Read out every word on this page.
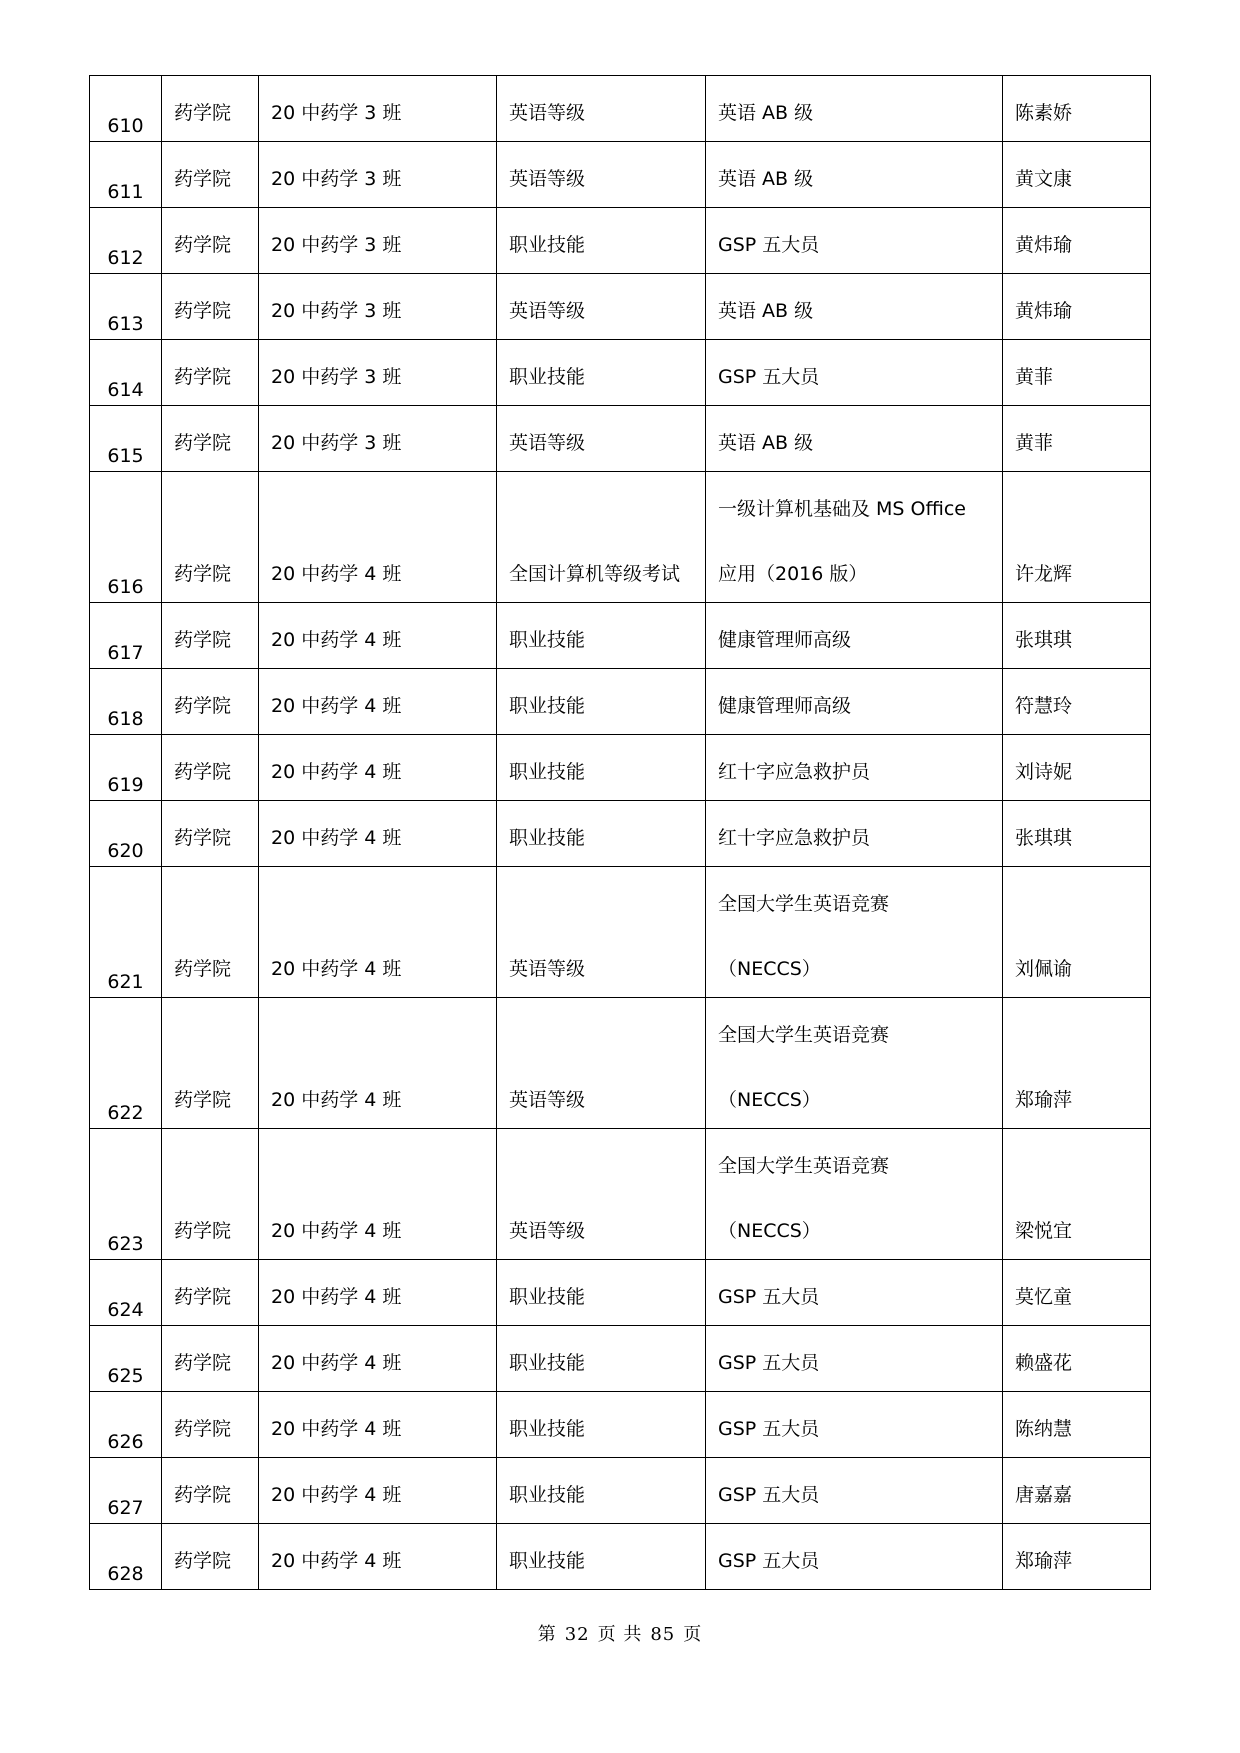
610	药学院	20 中药学 3 班	英语等级	英语 AB 级	陈素娇

611	药学院	20 中药学 3 班	英语等级	英语 AB 级	黄文康

612	药学院	20 中药学 3 班	职业技能	GSP 五大员	黄炜瑜

613	药学院	20 中药学 3 班	英语等级	英语 AB 级	黄炜瑜

614	药学院	20 中药学 3 班	职业技能	GSP 五大员	黄菲

615	药学院	20 中药学 3 班	英语等级	英语 AB 级	黄菲

616	药学院	20 中药学 4 班	全国计算机等级考试	一级计算机基础及 MS Office
应用（2016 版）	许龙辉

617	药学院	20 中药学 4 班	职业技能	健康管理师高级	张琪琪

618	药学院	20 中药学 4 班	职业技能	健康管理师高级	符慧玲

619	药学院	20 中药学 4 班	职业技能	红十字应急救护员	刘诗妮

620	药学院	20 中药学 4 班	职业技能	红十字应急救护员	张琪琪

621	药学院	20 中药学 4 班	英语等级	全国大学生英语竞赛
（NECCS）	刘佩谕

622	药学院	20 中药学 4 班	英语等级	全国大学生英语竞赛
（NECCS）	郑瑜萍

623	药学院	20 中药学 4 班	英语等级	全国大学生英语竞赛
（NECCS）	梁悦宜

624	药学院	20 中药学 4 班	职业技能	GSP 五大员	莫忆童

625	药学院	20 中药学 4 班	职业技能	GSP 五大员	赖盛花

626	药学院	20 中药学 4 班	职业技能	GSP 五大员	陈纳慧

627	药学院	20 中药学 4 班	职业技能	GSP 五大员	唐嘉嘉

628	药学院	20 中药学 4 班	职业技能	GSP 五大员	郑瑜萍
第 32 页 共 85 页
